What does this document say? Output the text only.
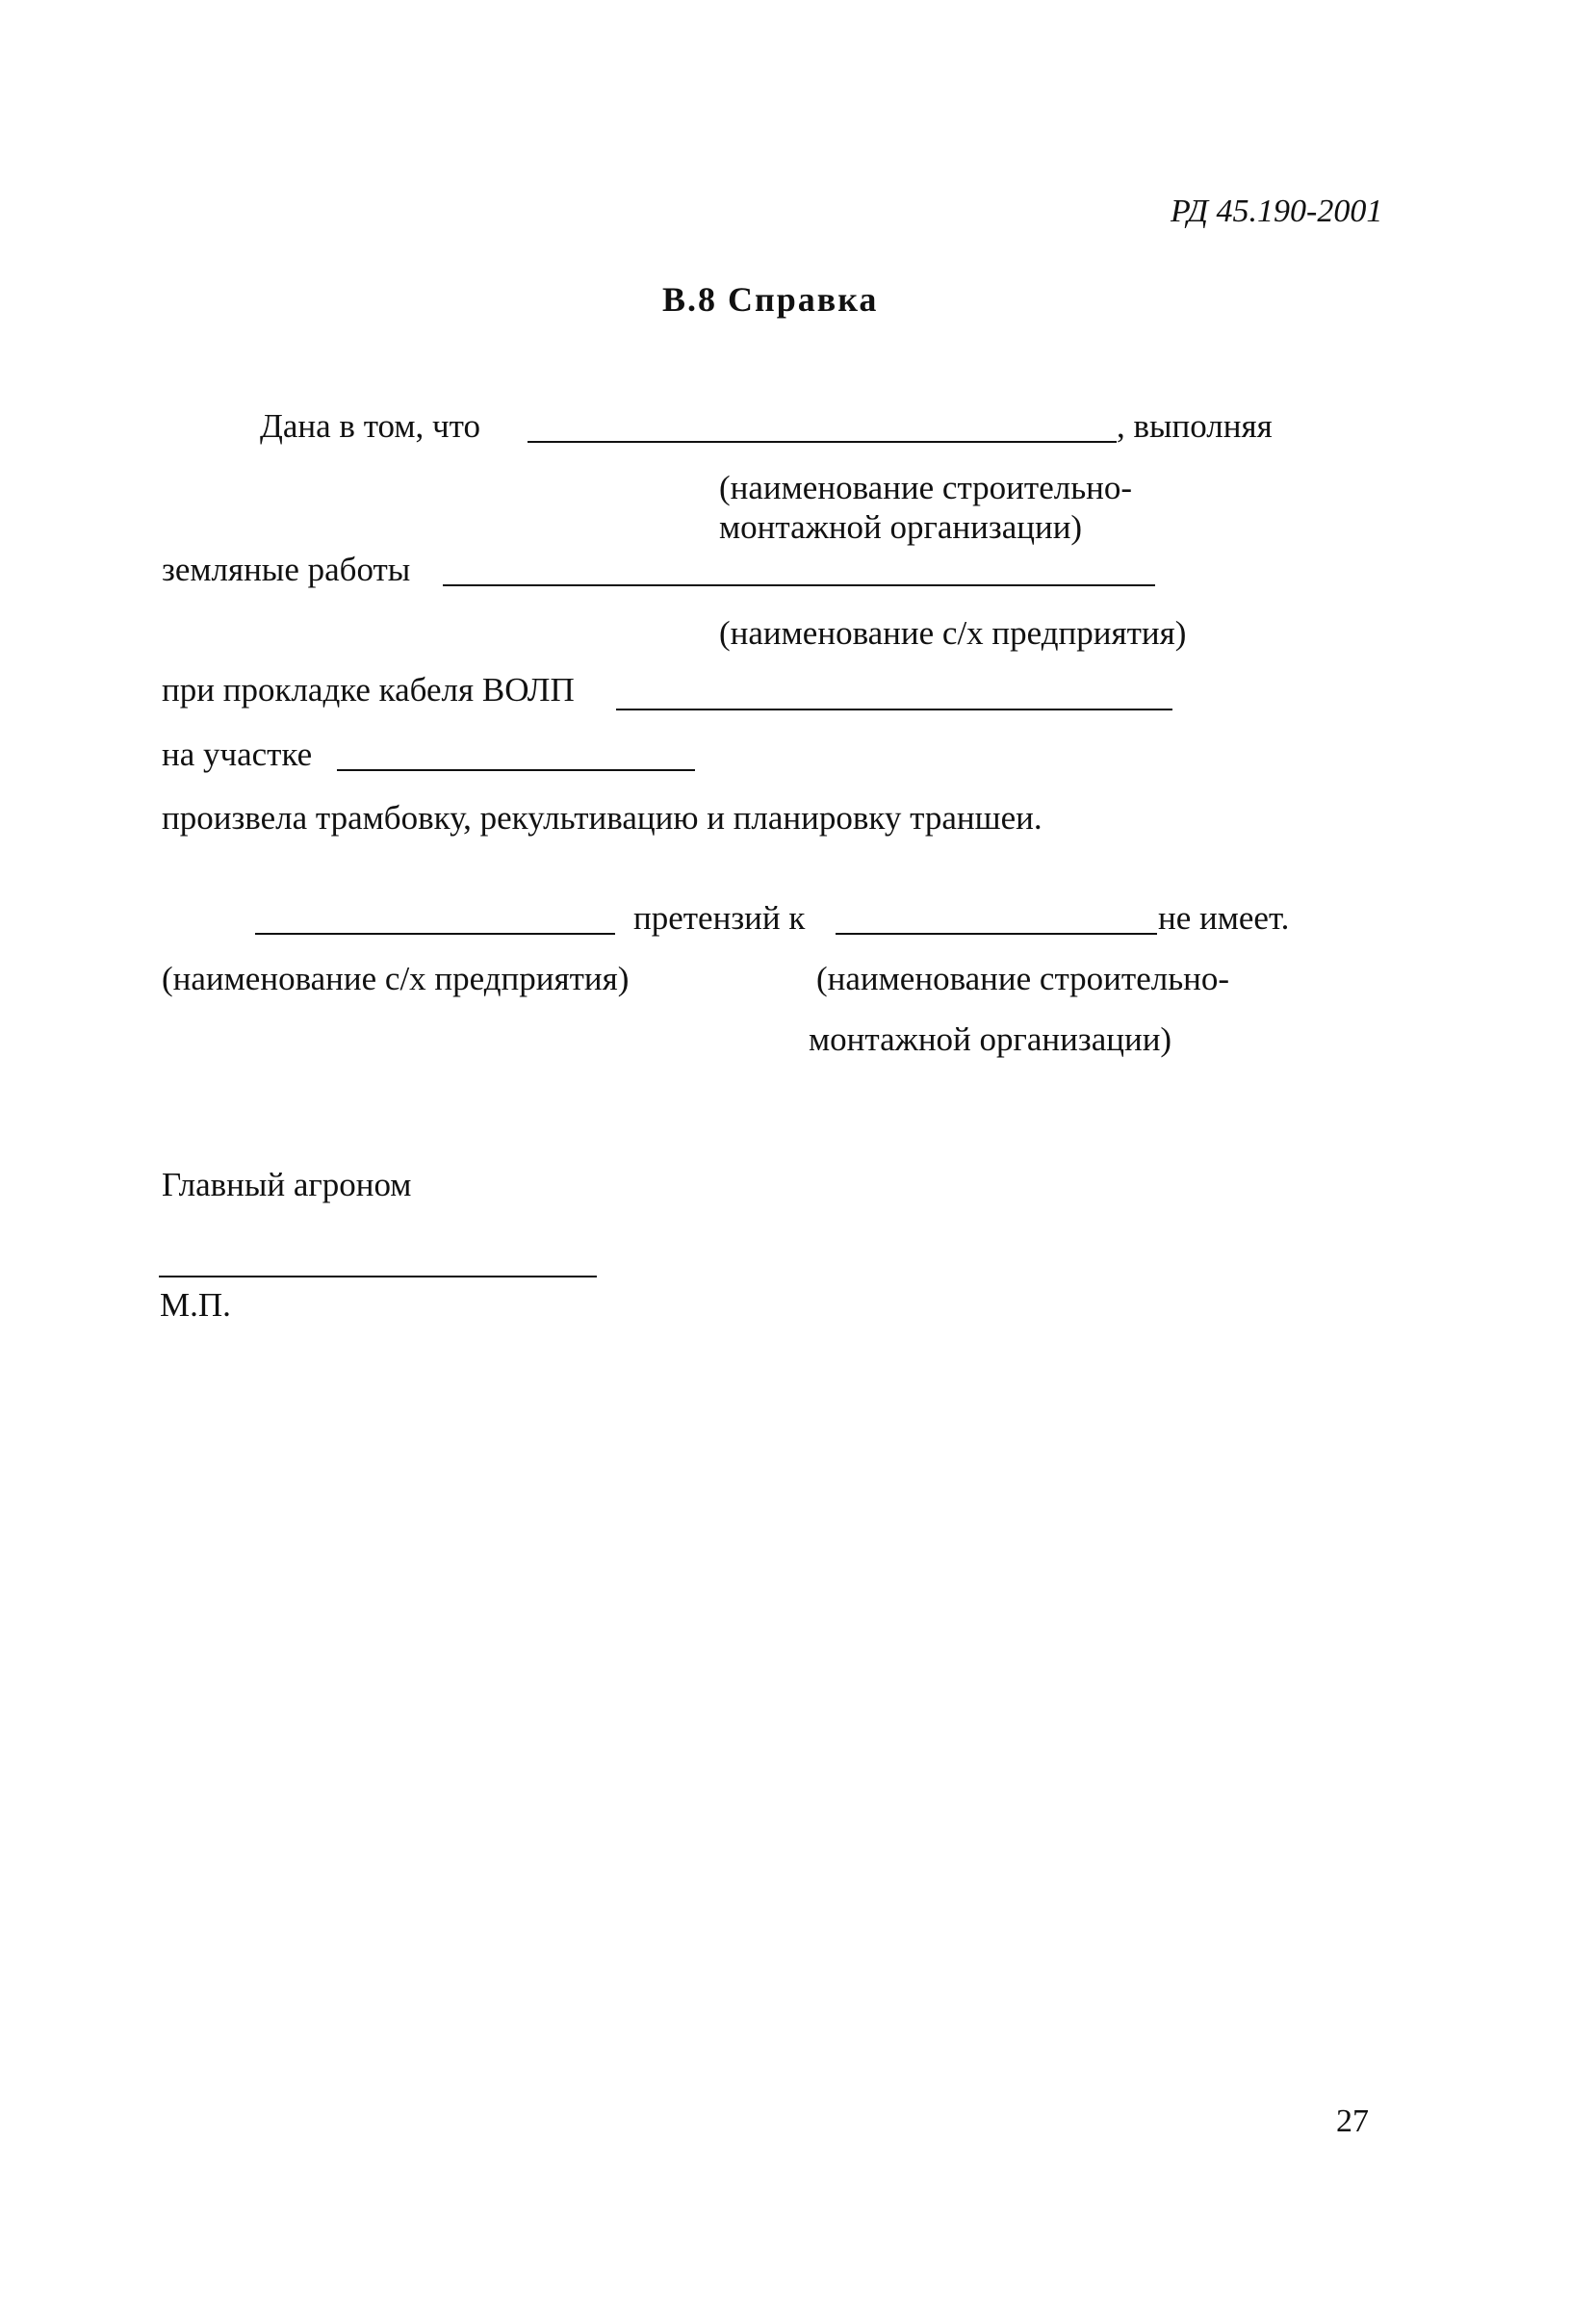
РД 45.190-2001
В.8 Справка
Дана в том, что	, выполняя
(наименование строительно-
монтажной организации)
земляные работы
(наименование с/х предприятия)
при прокладке кабеля ВОЛП
на участке
произвела трамбовку, рекультивацию и планировку траншеи.
претензий к	не имеет.
(наименование с/х предприятия)	(наименование строительно-
монтажной организации)
Главный агроном
М.П.
27
